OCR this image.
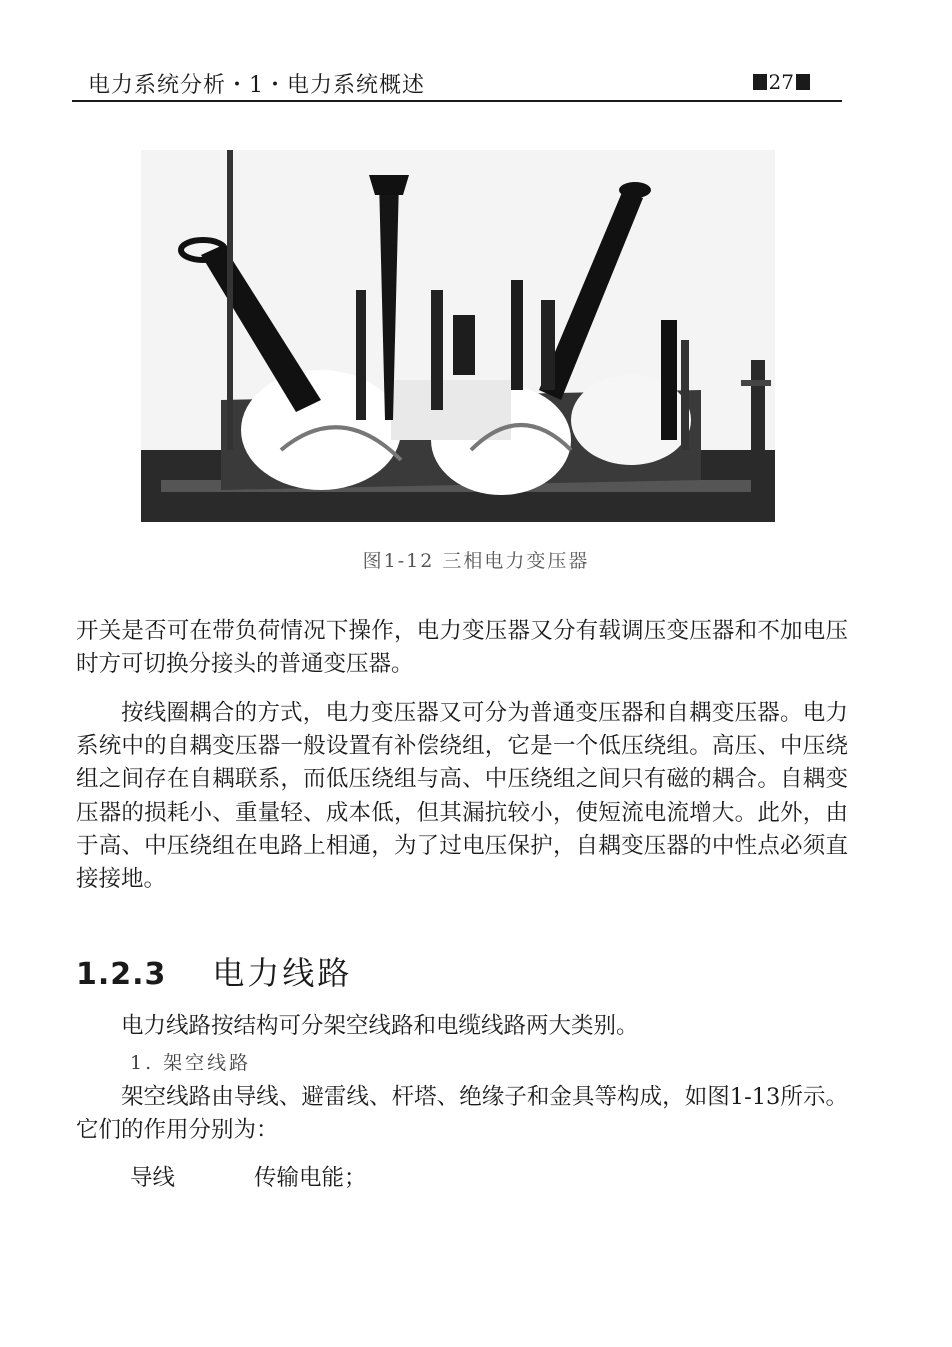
电力系统分析・1・电力系统概述	27
图1-12 三相电力变压器

开关是否可在带负荷情况下操作，电力变压器又分有载调压变压器和不加电压时方可切换分接头的普通变压器。

按线圈耦合的方式，电力变压器又可分为普通变压器和自耦变压器。电力系统中的自耦变压器一般设置有补偿绕组，它是一个低压绕组。高压、中压绕组之间存在自耦联系，而低压绕组与高、中压绕组之间只有磁的耦合。自耦变压器的损耗小、重量轻、成本低，但其漏抗较小，使短流电流增大。此外，由于高、中压绕组在电路上相通，为了过电压保护，自耦变压器的中性点必须直接接地。

1.2.3 电力线路

电力线路按结构可分架空线路和电缆线路两大类别。

1. 架空线路

架空线路由导线、避雷线、杆塔、绝缘子和金具等构成，如图1-13所示。它们的作用分别为：

导线	传输电能；
